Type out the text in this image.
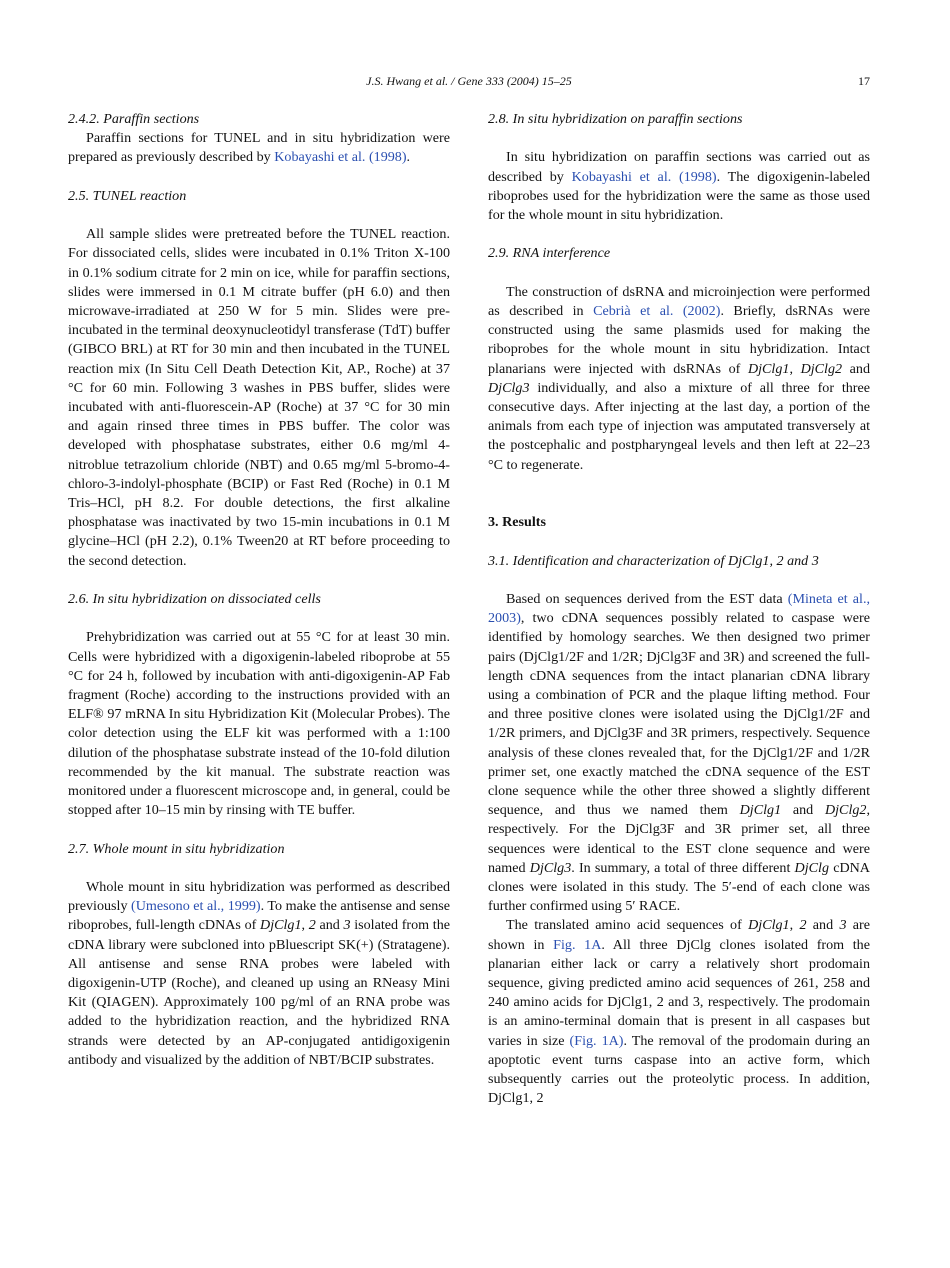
J.S. Hwang et al. / Gene 333 (2004) 15–25	17
2.4.2. Paraffin sections

Paraffin sections for TUNEL and in situ hybridization were prepared as previously described by Kobayashi et al. (1998).

2.5. TUNEL reaction

All sample slides were pretreated before the TUNEL reaction. For dissociated cells, slides were incubated in 0.1% Triton X-100 in 0.1% sodium citrate for 2 min on ice, while for paraffin sections, slides were immersed in 0.1 M citrate buffer (pH 6.0) and then microwave-irradiated at 250 W for 5 min. Slides were pre-incubated in the terminal deoxynucleotidyl transferase (TdT) buffer (GIBCO BRL) at RT for 30 min and then incubated in the TUNEL reaction mix (In Situ Cell Death Detection Kit, AP., Roche) at 37 °C for 60 min. Following 3 washes in PBS buffer, slides were incubated with anti-fluorescein-AP (Roche) at 37 °C for 30 min and again rinsed three times in PBS buffer. The color was developed with phosphatase substrates, either 0.6 mg/ml 4-nitroblue tetrazolium chloride (NBT) and 0.65 mg/ml 5-bromo-4-chloro-3-indolyl-phosphate (BCIP) or Fast Red (Roche) in 0.1 M Tris–HCl, pH 8.2. For double detections, the first alkaline phosphatase was inactivated by two 15-min incubations in 0.1 M glycine–HCl (pH 2.2), 0.1% Tween20 at RT before proceeding to the second detection.

2.6. In situ hybridization on dissociated cells

Prehybridization was carried out at 55 °C for at least 30 min. Cells were hybridized with a digoxigenin-labeled riboprobe at 55 °C for 24 h, followed by incubation with anti-digoxigenin-AP Fab fragment (Roche) according to the instructions provided with an ELF® 97 mRNA In situ Hybridization Kit (Molecular Probes). The color detection using the ELF kit was performed with a 1:100 dilution of the phosphatase substrate instead of the 10-fold dilution recommended by the kit manual. The substrate reaction was monitored under a fluorescent microscope and, in general, could be stopped after 10–15 min by rinsing with TE buffer.

2.7. Whole mount in situ hybridization

Whole mount in situ hybridization was performed as described previously (Umesono et al., 1999). To make the antisense and sense riboprobes, full-length cDNAs of DjClg1, 2 and 3 isolated from the cDNA library were subcloned into pBluescript SK(+) (Stratagene). All antisense and sense RNA probes were labeled with digoxigenin-UTP (Roche), and cleaned up using an RNeasy Mini Kit (QIAGEN). Approximately 100 pg/ml of an RNA probe was added to the hybridization reaction, and the hybridized RNA strands were detected by an AP-conjugated antidigoxigenin antibody and visualized by the addition of NBT/BCIP substrates.

2.8. In situ hybridization on paraffin sections

In situ hybridization on paraffin sections was carried out as described by Kobayashi et al. (1998). The digoxigenin-labeled riboprobes used for the hybridization were the same as those used for the whole mount in situ hybridization.

2.9. RNA interference

The construction of dsRNA and microinjection were performed as described in Cebrià et al. (2002). Briefly, dsRNAs were constructed using the same plasmids used for making the riboprobes for the whole mount in situ hybridization. Intact planarians were injected with dsRNAs of DjClg1, DjClg2 and DjClg3 individually, and also a mixture of all three for three consecutive days. After injecting at the last day, a portion of the animals from each type of injection was amputated transversely at the postcephalic and postpharyngeal levels and then left at 22–23 °C to regenerate.

3. Results
3.1. Identification and characterization of DjClg1, 2 and 3

Based on sequences derived from the EST data (Mineta et al., 2003), two cDNA sequences possibly related to caspase were identified by homology searches. We then designed two primer pairs (DjClg1/2F and 1/2R; DjClg3F and 3R) and screened the full-length cDNA sequences from the intact planarian cDNA library using a combination of PCR and the plaque lifting method. Four and three positive clones were isolated using the DjClg1/2F and 1/2R primers, and DjClg3F and 3R primers, respectively. Sequence analysis of these clones revealed that, for the DjClg1/2F and 1/2R primer set, one exactly matched the cDNA sequence of the EST clone sequence while the other three showed a slightly different sequence, and thus we named them DjClg1 and DjClg2, respectively. For the DjClg3F and 3R primer set, all three sequences were identical to the EST clone sequence and were named DjClg3. In summary, a total of three different DjClg cDNA clones were isolated in this study. The 5′-end of each clone was further confirmed using 5′ RACE.

The translated amino acid sequences of DjClg1, 2 and 3 are shown in Fig. 1A. All three DjClg clones isolated from the planarian either lack or carry a relatively short prodomain sequence, giving predicted amino acid sequences of 261, 258 and 240 amino acids for DjClg1, 2 and 3, respectively. The prodomain is an amino-terminal domain that is present in all caspases but varies in size (Fig. 1A). The removal of the prodomain during an apoptotic event turns caspase into an active form, which subsequently carries out the proteolytic process. In addition, DjClg1, 2
